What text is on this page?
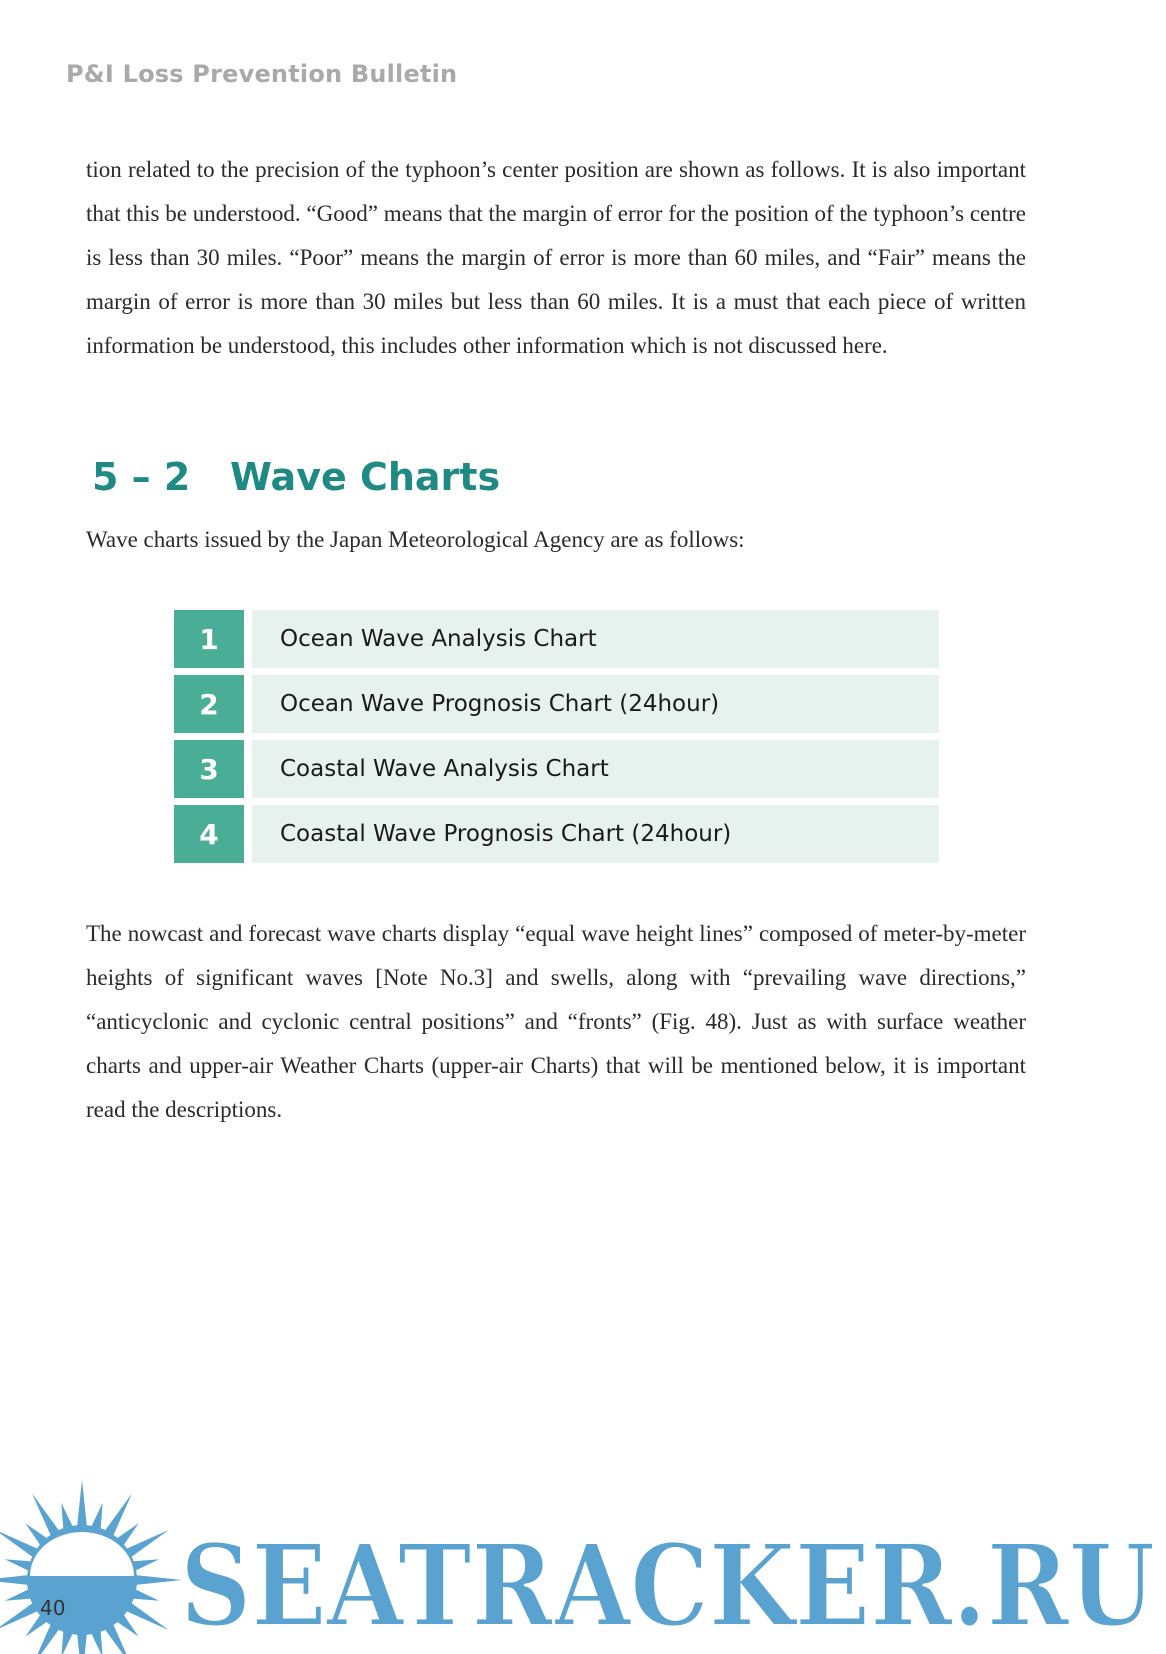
P&I Loss Prevention Bulletin

tion related to the precision of the typhoon’s center position are shown as follows. It is also important that this be understood. “Good” means that the margin of error for the position of the typhoon’s centre is less than 30 miles. “Poor” means the margin of error is more than 60 miles, and “Fair” means the margin of error is more than 30 miles but less than 60 miles. It is a must that each piece of written information be understood, this includes other information which is not discussed here.

5 – 2 Wave Charts
Wave charts issued by the Japan Meteorological Agency are as follows:
1	Ocean Wave Analysis Chart
2	Ocean Wave Prognosis Chart (24hour)
3	Coastal Wave Analysis Chart
4	Coastal Wave Prognosis Chart (24hour)

The nowcast and forecast wave charts display “equal wave height lines” composed of meter-by-meter heights of significant waves [Note No.3] and swells, along with “prevailing wave directions,” “anticyclonic and cyclonic central positions” and “fronts” (Fig. 48). Just as with surface weather charts and upper-air Weather Charts (upper-air Charts) that will be mentioned below, it is important read the descriptions.

SEATRACKER.RU
40
